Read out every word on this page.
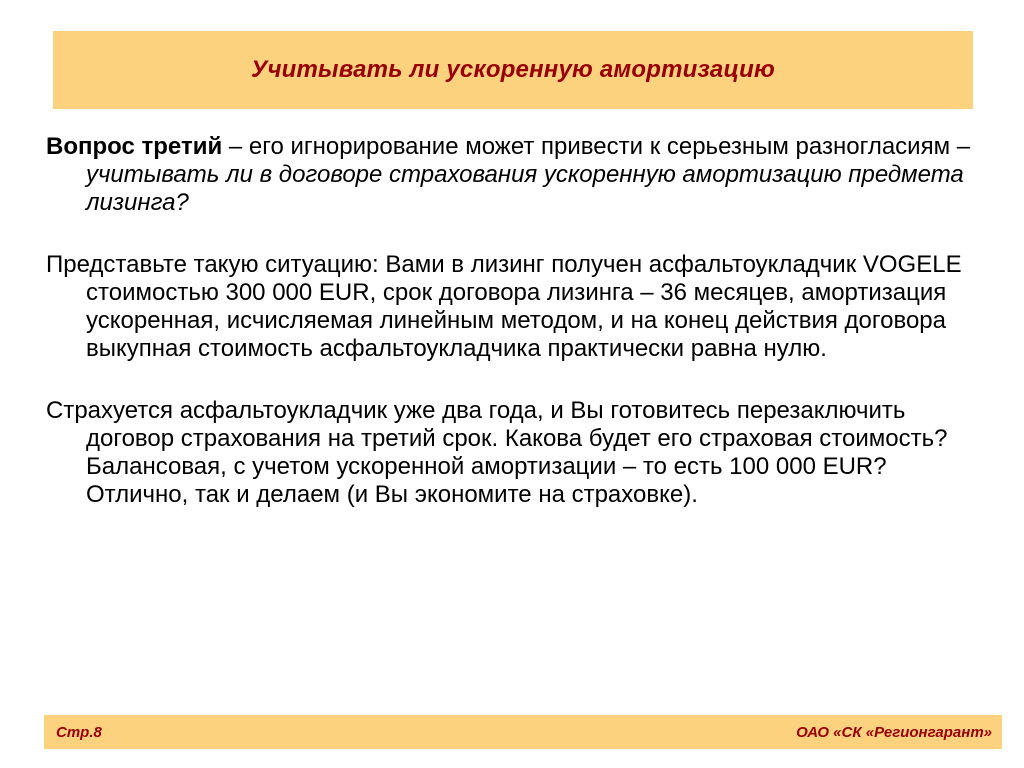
Учитывать ли ускоренную амортизацию

Вопрос третий – его игнорирование может привести к серьезным разногласиям – учитывать ли в договоре страхования ускоренную амортизацию предмета лизинга?

Представьте такую ситуацию: Вами в лизинг получен асфальтоукладчик VOGELE стоимостью 300 000 EUR, срок договора лизинга – 36 месяцев, амортизация ускоренная, исчисляемая линейным методом, и на конец действия договора выкупная стоимость асфальтоукладчика практически равна нулю.

Страхуется асфальтоукладчик уже два года, и Вы готовитесь перезаключить договор страхования на третий срок. Какова будет его страховая стоимость? Балансовая, с учетом ускоренной амортизации – то есть 100 000 EUR? Отлично, так и делаем (и Вы экономите на страховке).

Стр.8	ОАО «СК «Регионгарант»
